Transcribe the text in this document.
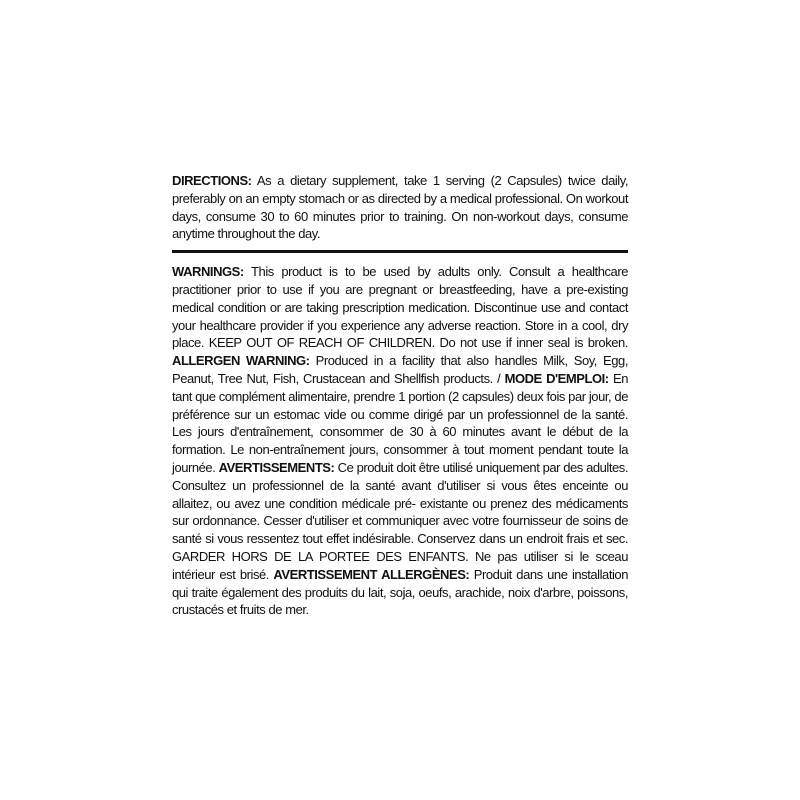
DIRECTIONS: As a dietary supplement, take 1 serving (2 Capsules) twice daily, preferably on an empty stomach or as directed by a medical professional. On workout days, consume 30 to 60 minutes prior to training. On non-workout days, consume anytime throughout the day.

WARNINGS: This product is to be used by adults only. Consult a healthcare practitioner prior to use if you are pregnant or breastfeeding, have a pre-existing medical condition or are taking prescription medication. Discontinue use and contact your healthcare provider if you experience any adverse reaction. Store in a cool, dry place. KEEP OUT OF REACH OF CHILDREN. Do not use if inner seal is broken. ALLERGEN WARNING: Produced in a facility that also handles Milk, Soy, Egg, Peanut, Tree Nut, Fish, Crustacean and Shellfish products. / MODE D'EMPLOI: En tant que complément alimentaire, prendre 1 portion (2 capsules) deux fois par jour, de préférence sur un estomac vide ou comme dirigé par un professionnel de la santé. Les jours d'entraînement, consommer de 30 à 60 minutes avant le début de la formation. Le non-entraînement jours, consommer à tout moment pendant toute la journée. AVERTISSEMENTS: Ce produit doit être utilisé uniquement par des adultes. Consultez un professionnel de la santé avant d'utiliser si vous êtes enceinte ou allaitez, ou avez une condition médicale pré- existante ou prenez des médicaments sur ordonnance. Cesser d'utiliser et communiquer avec votre fournisseur de soins de santé si vous ressentez tout effet indésirable. Conservez dans un endroit frais et sec. GARDER HORS DE LA PORTEE DES ENFANTS. Ne pas utiliser si le sceau intérieur est brisé. AVERTISSEMENT ALLERGÈNES: Produit dans une installation qui traite également des produits du lait, soja, oeufs, arachide, noix d'arbre, poissons, crustacés et fruits de mer.
